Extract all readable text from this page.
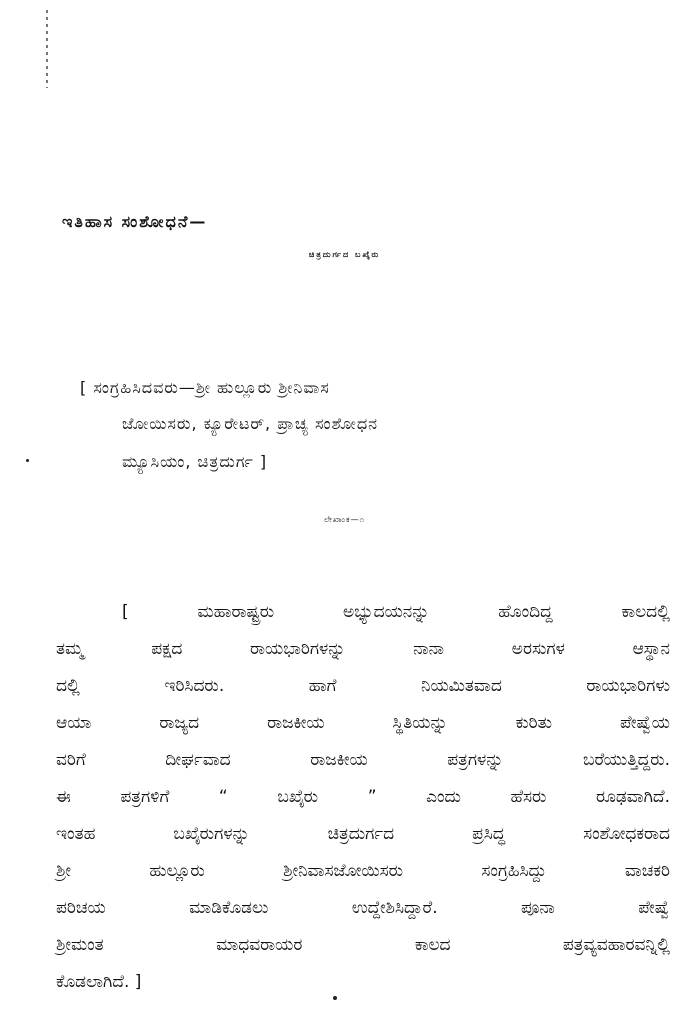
ಇತಿಹಾಸ ಸಂಶೋಧನೆ—
ಚಿತ್ರದುರ್ಗದ ಬಖೈರು
[ ಸಂಗ್ರಹಿಸಿದವರು—ಶ್ರೀ ಹುಲ್ಲೂರು ಶ್ರೀನಿವಾಸ
ಜೋಯಿಸರು, ಕ್ಯೂರೇಟರ್, ಪ್ರಾಚ್ಯ ಸಂಶೋಧನ
ಮ್ಯೂಸಿಯಂ, ಚಿತ್ರದುರ್ಗ ]
ಲೇಖಾಂಕ—೧
[ ಮಹಾರಾಷ್ಟ್ರರು ಅಭ್ಯುದಯನನ್ನು ಹೊಂದಿದ್ದ ಕಾಲದಲ್ಲಿ
ತಮ್ಮ ಪಕ್ಷದ ರಾಯಭಾರಿಗಳನ್ನು ನಾನಾ ಅರಸುಗಳ ಆಸ್ಥಾನ
ದಲ್ಲಿ ಇರಿಸಿದರು. ಹಾಗೆ ನಿಯಮಿತವಾದ ರಾಯಭಾರಿಗಳು
ಆಯಾ ರಾಜ್ಯದ ರಾಜಕೀಯ ಸ್ಥಿತಿಯನ್ನು ಕುರಿತು ಪೇಷ್ವೆಯ
ವರಿಗೆ ದೀರ್ಘವಾದ ರಾಜಕೀಯ ಪತ್ರಗಳನ್ನು ಬರೆಯುತ್ತಿದ್ದರು.
ಈ ಪತ್ರಗಳಿಗೆ “ ಬಖೈರು ” ಎಂದು ಹೆಸರು ರೂಢವಾಗಿದೆ.
ಇಂತಹ ಬಖೈರುಗಳನ್ನು ಚಿತ್ರದುರ್ಗದ ಪ್ರಸಿದ್ಧ ಸಂಶೋಧಕರಾದ
ಶ್ರೀ ಹುಲ್ಲೂರು ಶ್ರೀನಿವಾಸಜೋಯಿಸರು ಸಂಗ್ರಹಿಸಿದ್ದು ವಾಚಕರಿ
ಪರಿಚಯ ಮಾಡಿಕೊಡಲು ಉದ್ದೇಶಿಸಿದ್ದಾರೆ. ಪೂನಾ ಪೇಷ್ವೆ
ಶ್ರೀಮಂತ ಮಾಧವರಾಯರ ಕಾಲದ ಪತ್ರವ್ಯವಹಾರವನ್ನಿಲ್ಲಿ
ಕೊಡಲಾಗಿದೆ. ]
